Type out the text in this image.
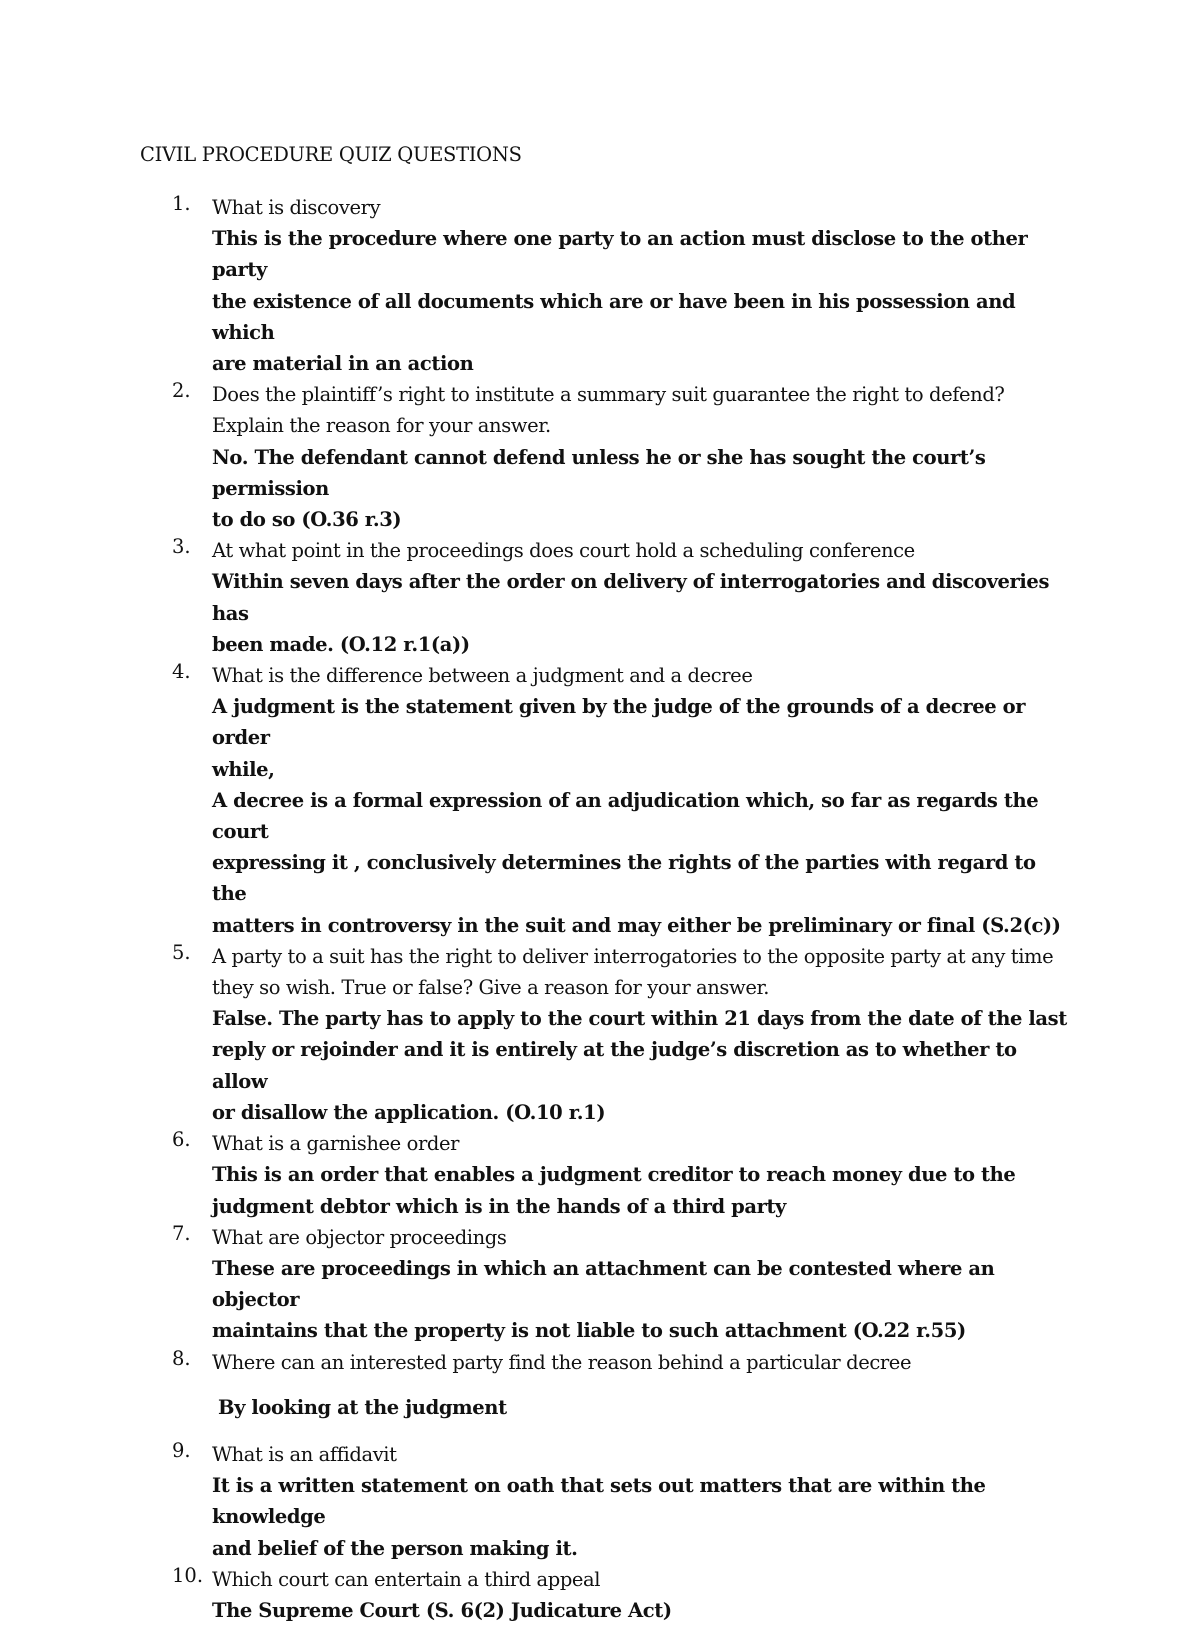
CIVIL PROCEDURE QUIZ QUESTIONS
1.	What is discovery
This is the procedure where one party to an action must disclose to the other party
the existence of all documents which are or have been in his possession and which
are material in an action
2.	Does the plaintiff’s right to institute a summary suit guarantee the right to defend?
Explain the reason for your answer.
No. The defendant cannot defend unless he or she has sought the court’s permission
to do so (O.36 r.3)
3.	At what point in the proceedings does court hold a scheduling conference
Within seven days after the order on delivery of interrogatories and discoveries has
been made. (O.12 r.1(a))
4.	What is the difference between a judgment and a decree
A judgment is the statement given by the judge of the grounds of a decree or order
while,
A decree is a formal expression of an adjudication which, so far as regards the court
expressing it , conclusively determines the rights of the parties with regard to the
matters in controversy in the suit and may either be preliminary or final (S.2(c))
5.	A party to a suit has the right to deliver interrogatories to the opposite party at any time
they so wish. True or false? Give a reason for your answer.
False. The party has to apply to the court within 21 days from the date of the last
reply or rejoinder and it is entirely at the judge’s discretion as to whether to allow
or disallow the application. (O.10 r.1)
6.	What is a garnishee order
This is an order that enables a judgment creditor to reach money due to the
judgment debtor which is in the hands of a third party
7.	What are objector proceedings
These are proceedings in which an attachment can be contested where an objector
maintains that the property is not liable to such attachment (O.22 r.55)
8.	Where can an interested party find the reason behind a particular decree
By looking at the judgment
9.	What is an affidavit
It is a written statement on oath that sets out matters that are within the knowledge
and belief of the person making it.
10. Which court can entertain a third appeal
The Supreme Court (S. 6(2) Judicature Act)
